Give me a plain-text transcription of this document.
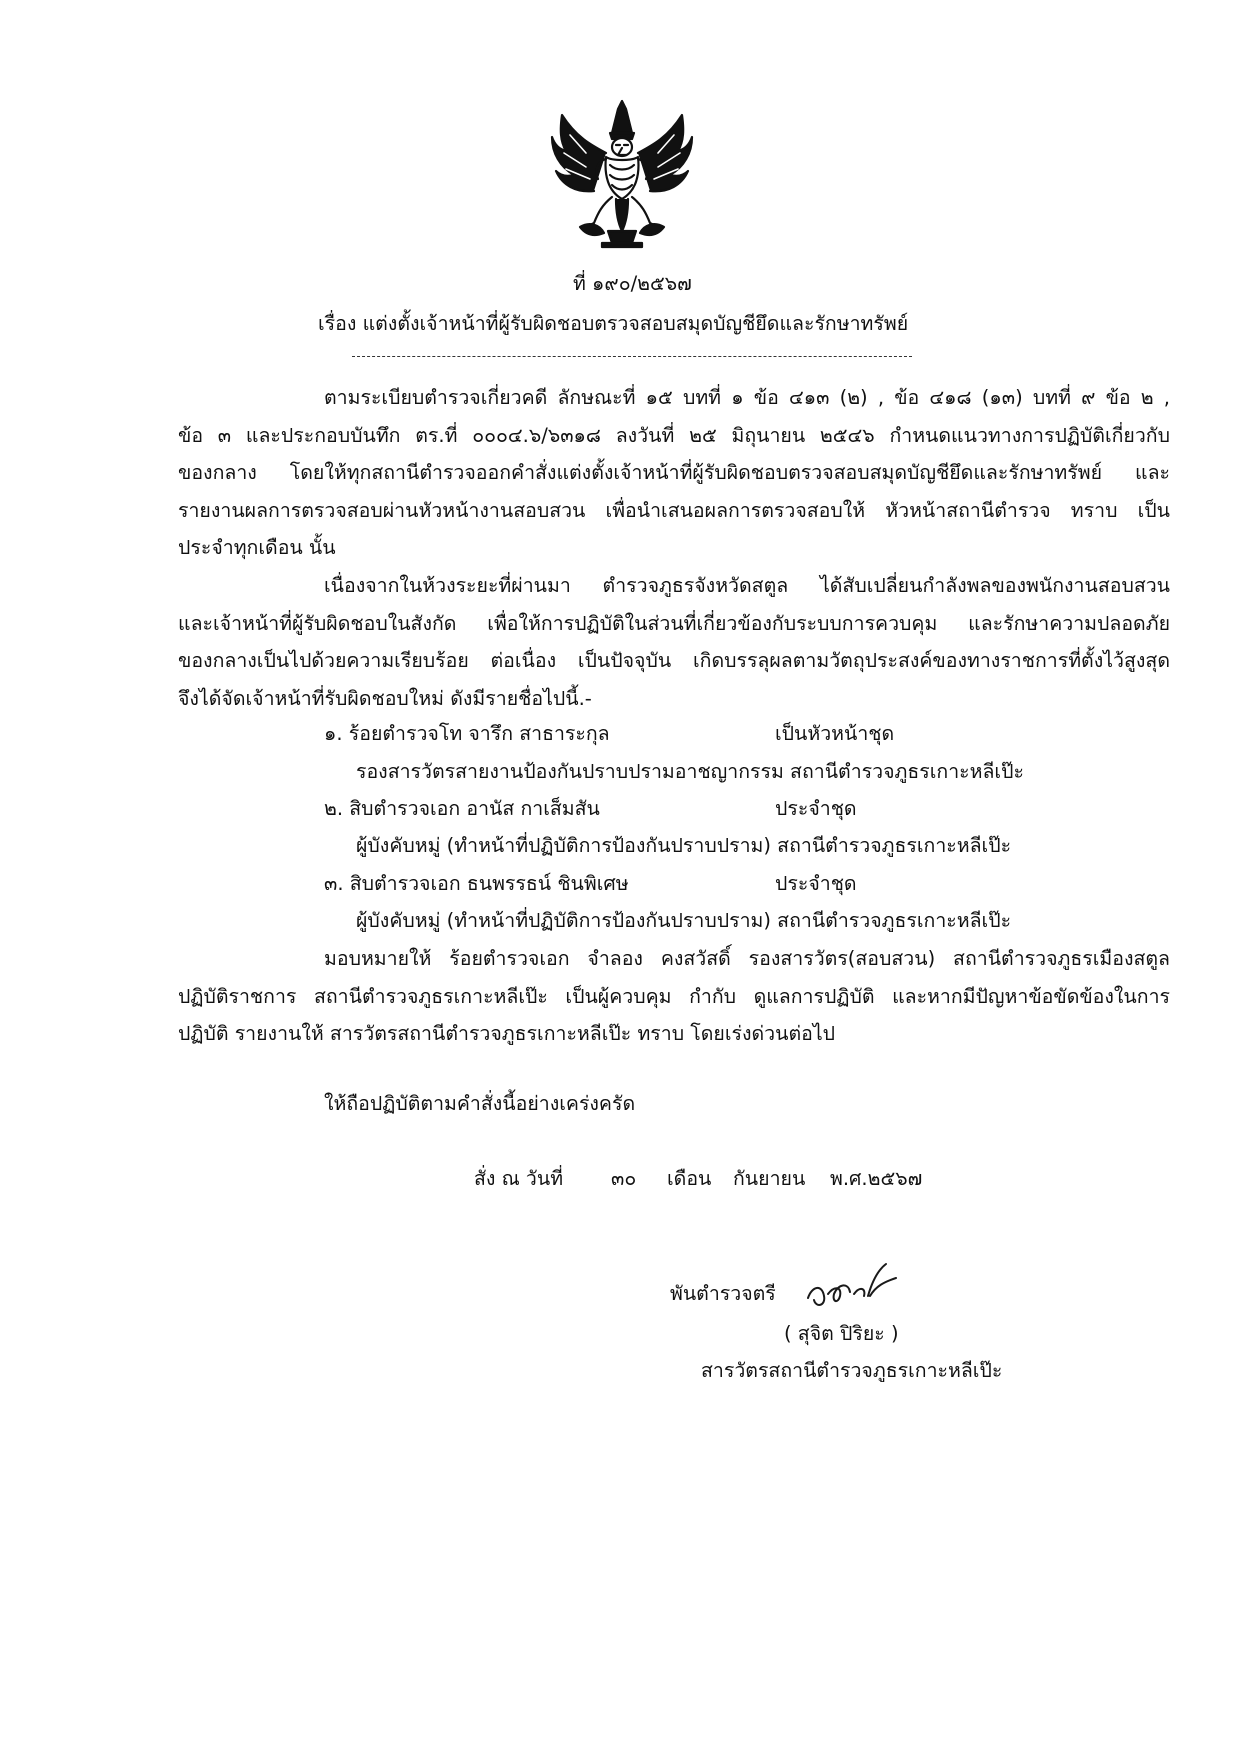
ที่ ๑๙๐/๒๕๖๗
เรื่อง แต่งตั้งเจ้าหน้าที่ผู้รับผิดชอบตรวจสอบสมุดบัญชียึดและรักษาทรัพย์
ตามระเบียบตำรวจเกี่ยวคดี ลักษณะที่ ๑๕ บทที่ ๑ ข้อ ๔๑๓ (๒) , ข้อ ๔๑๘ (๑๓) บทที่ ๙ ข้อ ๒ ,
ข้อ ๓ และประกอบบันทึก ตร.ที่ ๐๐๐๔.๖/๖๓๑๘ ลงวันที่ ๒๕ มิถุนายน ๒๕๔๖ กำหนดแนวทางการปฏิบัติเกี่ยวกับ
ของกลาง โดยให้ทุกสถานีตำรวจออกคำสั่งแต่งตั้งเจ้าหน้าที่ผู้รับผิดชอบตรวจสอบสมุดบัญชียึดและรักษาทรัพย์ และ
รายงานผลการตรวจสอบผ่านหัวหน้างานสอบสวน เพื่อนำเสนอผลการตรวจสอบให้ หัวหน้าสถานีตำรวจ ทราบ เป็น
ประจำทุกเดือน นั้น
เนื่องจากในห้วงระยะที่ผ่านมา ตำรวจภูธรจังหวัดสตูล ได้สับเปลี่ยนกำลังพลของพนักงานสอบสวน
และเจ้าหน้าที่ผู้รับผิดชอบในสังกัด เพื่อให้การปฏิบัติในส่วนที่เกี่ยวข้องกับระบบการควบคุม และรักษาความปลอดภัย
ของกลางเป็นไปด้วยความเรียบร้อย ต่อเนื่อง เป็นปัจจุบัน เกิดบรรลุผลตามวัตถุประสงค์ของทางราชการที่ตั้งไว้สูงสุด
จึงได้จัดเจ้าหน้าที่รับผิดชอบใหม่ ดังมีรายชื่อไปนี้.-
๑. ร้อยตำรวจโท จารึก สาธาระกุล	เป็นหัวหน้าชุด
รองสารวัตรสายงานป้องกันปราบปรามอาชญากรรม สถานีตำรวจภูธรเกาะหลีเป๊ะ
๒. สิบตำรวจเอก อานัส กาเส็มสัน	ประจำชุด
ผู้บังคับหมู่ (ทำหน้าที่ปฏิบัติการป้องกันปราบปราม) สถานีตำรวจภูธรเกาะหลีเป๊ะ
๓. สิบตำรวจเอก ธนพรรธน์ ชินพิเศษ	ประจำชุด
ผู้บังคับหมู่ (ทำหน้าที่ปฏิบัติการป้องกันปราบปราม) สถานีตำรวจภูธรเกาะหลีเป๊ะ
มอบหมายให้ ร้อยตำรวจเอก จำลอง คงสวัสดิ์ รองสารวัตร(สอบสวน) สถานีตำรวจภูธรเมืองสตูล
ปฏิบัติราชการ สถานีตำรวจภูธรเกาะหลีเป๊ะ เป็นผู้ควบคุม กำกับ ดูแลการปฏิบัติ และหากมีปัญหาข้อขัดข้องในการ
ปฏิบัติ รายงานให้ สารวัตรสถานีตำรวจภูธรเกาะหลีเป๊ะ ทราบ โดยเร่งด่วนต่อไป
ให้ถือปฏิบัติตามคำสั่งนี้อย่างเคร่งครัด
สั่ง ณ วันที่ ๓๐ เดือน กันยายน พ.ศ.๒๕๖๗
พันตำรวจตรี
( สุจิต ปิริยะ )
สารวัตรสถานีตำรวจภูธรเกาะหลีเป๊ะ
